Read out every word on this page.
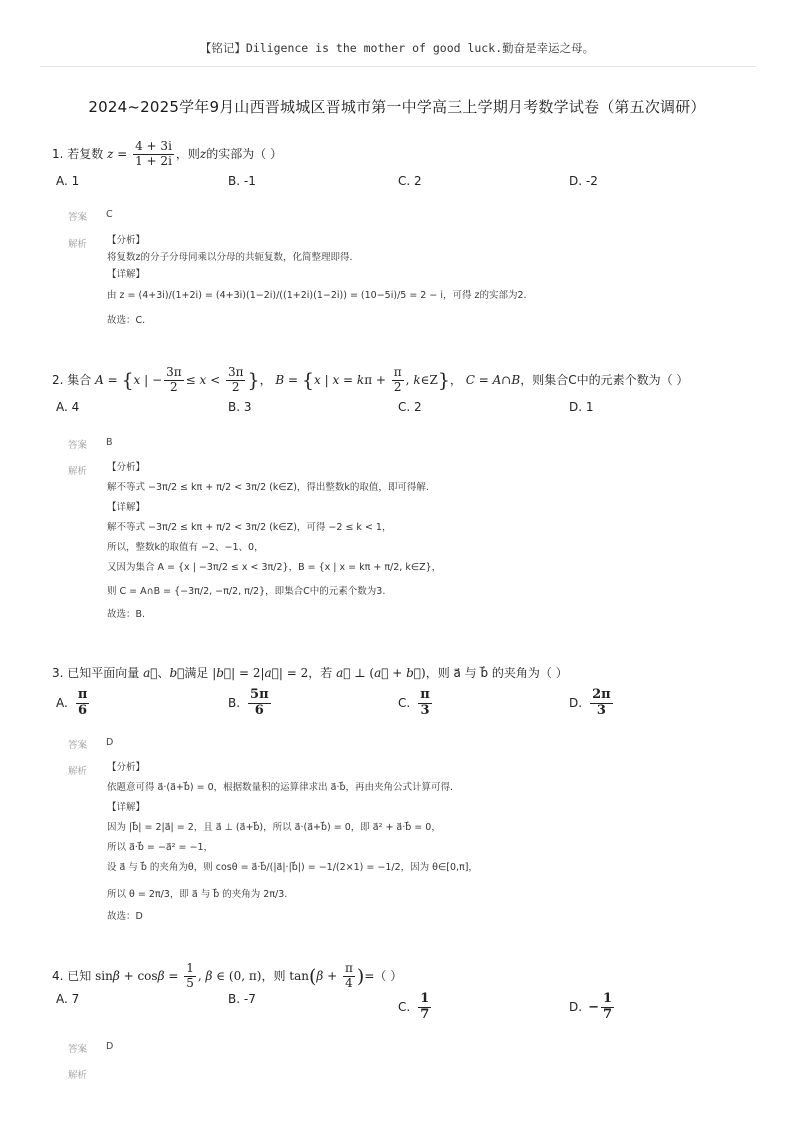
【铭记】Diligence is the mother of good luck.勤奋是幸运之母。
2024~2025学年9月山西晋城城区晋城市第一中学高三上学期月考数学试卷（第五次调研）
1. 若复数 $z = \frac{4 + 3i}{1 + 2i}$ ，则z的实部为（ ）
A. 1	B. -1	C. 2	D. -2
答案 C
解析 【分析】
将复数z的分子分母同乘以分母的共轭复数，化简整理即得.
【详解】
由 z = (4+3i)/(1+2i) = (4+3i)(1−2i)/((1+2i)(1−2i)) = (10−5i)/5 = 2 − i，可得 z的实部为2.
故选：C.
2. 集合 A = {x | − $\frac{3\pi}{2} \le x < \frac{3\pi}{2}$ }， B = {x | $x = k\pi + \frac{\pi}{2}$ , k∈Z}， C = A∩B，则集合C中的元素个数为（ ）
A. 4	B. 3	C. 2	D. 1
答案 B
解析 【分析】
解不等式 −3π/2 ≤ kπ + π/2 < 3π/2 (k∈Z)，得出整数k的取值，即可得解.
【详解】
解不等式 −3π/2 ≤ kπ + π/2 < 3π/2 (k∈Z)，可得 −2 ≤ k < 1，
所以，整数k的取值有 −2、−1、0，
又因为集合 A = {x | −3π/2 ≤ x < 3π/2}，B = {x | x = kπ + π/2, k∈Z}，
则 C = A∩B = {−3π/2, −π/2, π/2}，即集合C中的元素个数为3.
故选：B.
3. 已知平面向量 a⃗、b⃗满足 |b⃗| = 2|a⃗| = 2，若 a⃗ ⊥ (a⃗ + b⃗)，则 a⃗ 与 b⃗ 的夹角为（ ）
A. $\frac{\pi}{6}$	B. $\frac{5\pi}{6}$	C. $\frac{\pi}{3}$	D. $\frac{2\pi}{3}$
答案 D
解析 【分析】
依题意可得 a⃗·(a⃗+b⃗) = 0，根据数量积的运算律求出 a⃗·b⃗，再由夹角公式计算可得.
【详解】
因为 |b⃗| = 2|a⃗| = 2，且 a⃗ ⊥ (a⃗+b⃗)，所以 a⃗·(a⃗+b⃗) = 0，即 a⃗² + a⃗·b⃗ = 0，
所以 a⃗·b⃗ = −a⃗² = −1，
设 a⃗ 与 b⃗ 的夹角为θ，则 cosθ = a⃗·b⃗/(|a⃗|·|b⃗|) = −1/(2×1) = −1/2，因为 θ∈[0,π]，
所以 θ = 2π/3，即 a⃗ 与 b⃗ 的夹角为 2π/3.
故选：D
4. 已知 $\sin\beta + \cos\beta = \frac{1}{5}$ , β ∈ (0, π)，则 $\tan(\beta + \frac{\pi}{4}$ )=（ ）
A. 7	B. -7
C. $\frac{1}{7}$	D. − $\frac{1}{7}$
答案 D
解析
